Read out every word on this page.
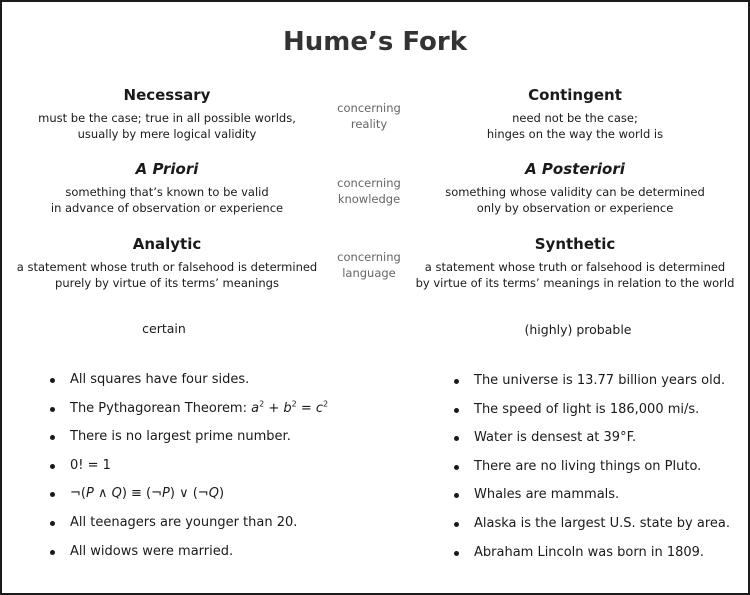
Hume’s Fork
Necessary
must be the case; true in all possible worlds,
usually by mere logical validity
concerning
reality
Contingent
need not be the case;
hinges on the way the world is
A Priori
something that’s known to be valid
in advance of observation or experience
concerning
knowledge
A Posteriori
something whose validity can be determined
only by observation or experience
Analytic
a statement whose truth or falsehood is determined
purely by virtue of its terms’ meanings
concerning
language
Synthetic
a statement whose truth or falsehood is determined
by virtue of its terms’ meanings in relation to the world
certain	(highly) probable
All squares have four sides.
The Pythagorean Theorem: $a^2 + b^2 = c^2$
There is no largest prime number.
0! = 1
¬(P ∧ Q) ≡ (¬P) ∨ (¬Q)
All teenagers are younger than 20.
All widows were married.
The universe is 13.77 billion years old.
The speed of light is 186,000 mi/s.
Water is densest at 39°F.
There are no living things on Pluto.
Whales are mammals.
Alaska is the largest U.S. state by area.
Abraham Lincoln was born in 1809.
